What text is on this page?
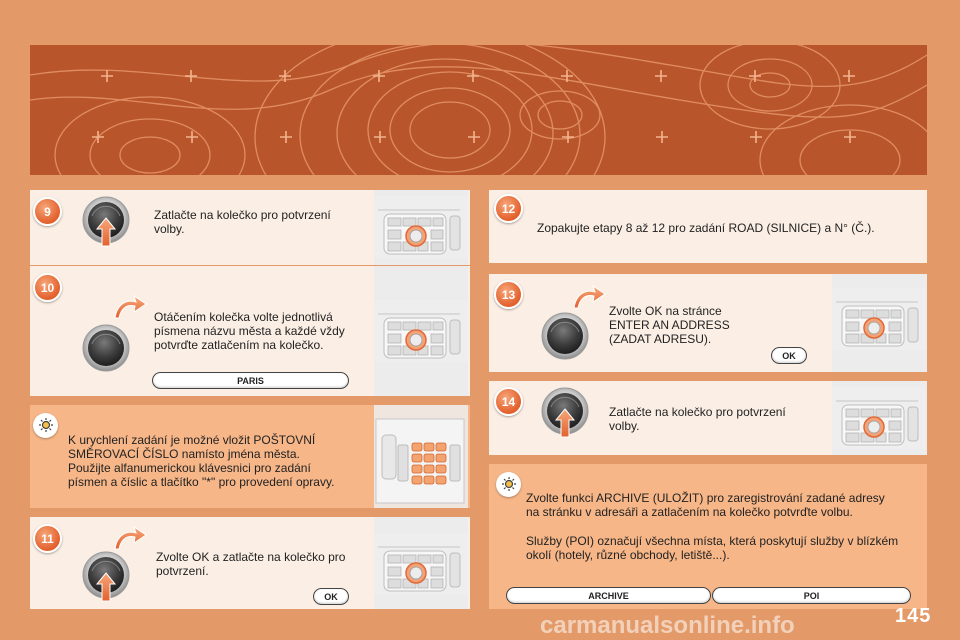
9	Zatlačte na kolečko pro potvrzení
volby.
10
Otáčením kolečka volte jednotlivá
písmena názvu města a každé vždy
potvrďte zatlačením na kolečko.
PARIS
K urychlení zadání je možné vložit POŠTOVNÍ
SMĚROVACÍ ČÍSLO namísto jména města.
Použijte alfanumerickou klávesnici pro zadání
písmen a číslic a tlačítko "*" pro provedení opravy.
11
Zvolte OK a zatlačte na kolečko pro
potvrzení.
OK
12
Zopakujte etapy 8 až 12 pro zadání ROAD (SILNICE) a N° (Č.).
13
Zvolte OK na stránce
ENTER AN ADDRESS
(ZADAT ADRESU).
OK
14
Zatlačte na kolečko pro potvrzení
volby.
Zvolte funkci ARCHIVE (ULOŽIT) pro zaregistrování zadané adresy
na stránku v adresáři a zatlačením na kolečko potvrďte volbu.
Služby (POI) označují všechna místa, která poskytují služby v blízkém
okolí (hotely, různé obchody, letiště...).
ARCHIVE	POI
145
carmanualsonline.info
